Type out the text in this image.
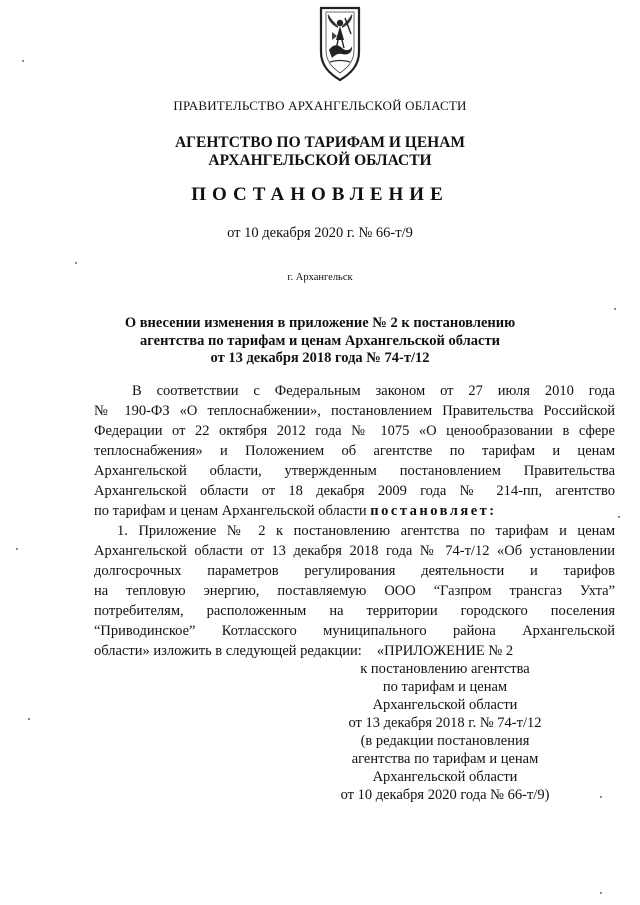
ПРАВИТЕЛЬСТВО АРХАНГЕЛЬСКОЙ ОБЛАСТИ
АГЕНТСТВО ПО ТАРИФАМ И ЦЕНАМ
АРХАНГЕЛЬСКОЙ ОБЛАСТИ
ПОСТАНОВЛЕНИЕ
от 10 декабря 2020 г. № 66-т/9
г. Архангельск
О внесении изменения в приложение № 2 к постановлению
агентства по тарифам и ценам Архангельской области
от 13 декабря 2018 года № 74-т/12
В соответствии с Федеральным законом от 27 июля 2010 года
№ 190-ФЗ «О теплоснабжении», постановлением Правительства Российской
Федерации от 22 октября 2012 года № 1075 «О ценообразовании в сфере
теплоснабжения» и Положением об агентстве по тарифам и ценам
Архангельской области, утвержденным постановлением Правительства
Архангельской области от 18 декабря 2009 года № 214-пп, агентство
по тарифам и ценам Архангельской области постановляет:
1. Приложение № 2 к постановлению агентства по тарифам и ценам
Архангельской области от 13 декабря 2018 года № 74-т/12 «Об установлении
долгосрочных параметров регулирования деятельности и тарифов
на тепловую энергию, поставляемую ООО “Газпром трансгаз Ухта”
потребителям, расположенным на территории городского поселения
“Приводинское” Котласского муниципального района Архангельской
области» изложить в следующей редакции:	«ПРИЛОЖЕНИЕ № 2
к постановлению агентства
по тарифам и ценам
Архангельской области
от 13 декабря 2018 г. № 74-т/12
(в редакции постановления
агентства по тарифам и ценам
Архангельской области
от 10 декабря 2020 года № 66-т/9)
